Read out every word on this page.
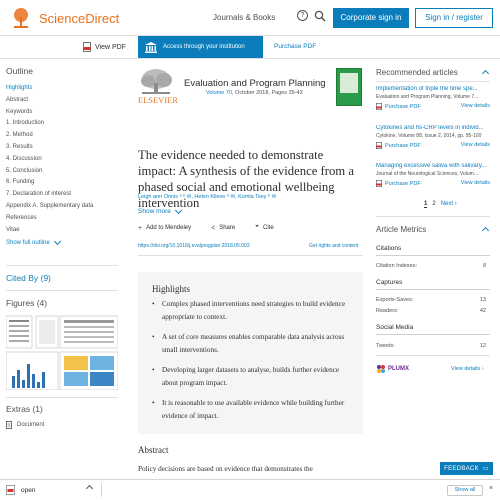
ScienceDirect	Journals & Books	?	Corporate sign in	Sign in / register
View PDF	Access through your institution	Purchase PDF
Outline
Highlights
Abstract
Keywords
1. Introduction
2. Method
3. Results
4. Discussion
5. Conclusion
6. Funding
7. Declaration of interest
Appendix A. Supplementary data
References
Vitae
Show full outline
Cited By (9)
Figures (4)
Extras (1)
Document
ELSEVIER
Evaluation and Program Planning
Volume 70, October 2018, Pages 35-43
The evidence needed to demonstrate impact: A synthesis of the evidence from a phased social and emotional wellbeing intervention
Leigh ann Onnis ᵃ ᵇ ✉, Helen Klieve ᵇ ✉, Komla Tsey ᵇ ✉
Show more
+ Add to Mendeley	< Share	❞ Cite
https://doi.org/10.1016/j.evalprogplan.2018.05.003	Get rights and content
Highlights
• Complex phased interventions need strategies to build evidence appropriate to context.
• A set of core measures enables comparable data analysis across small interventions.
• Developing larger datasets to analyse, builds further evidence about program impact.
• It is reasonable to use available evidence while building further evidence of impact.
Abstract
Policy decisions are based on evidence that demonstrates the
Recommended articles
Implementation of triple the time spe...
Evaluation and Program Planning, Volume 7...
Purchase PDF	View details
Cytokines and hs-CRP levels in individ...
Cytokine, Volume 88, Issue 2, 2014, pp. 95-100
Purchase PDF	View details
Managing excessive saliva with salivary...
Journal of the Neurological Sciences, Volum...
Purchase PDF	View details
1 2 Next ›
Article Metrics
Citations
Citation Indexes:	8
Captures
Exports-Saves:	13
Readers:	42
Social Media
Tweets:	12
PLUMX	View details ›
FEEDBACK ▭
open	Show all	×
